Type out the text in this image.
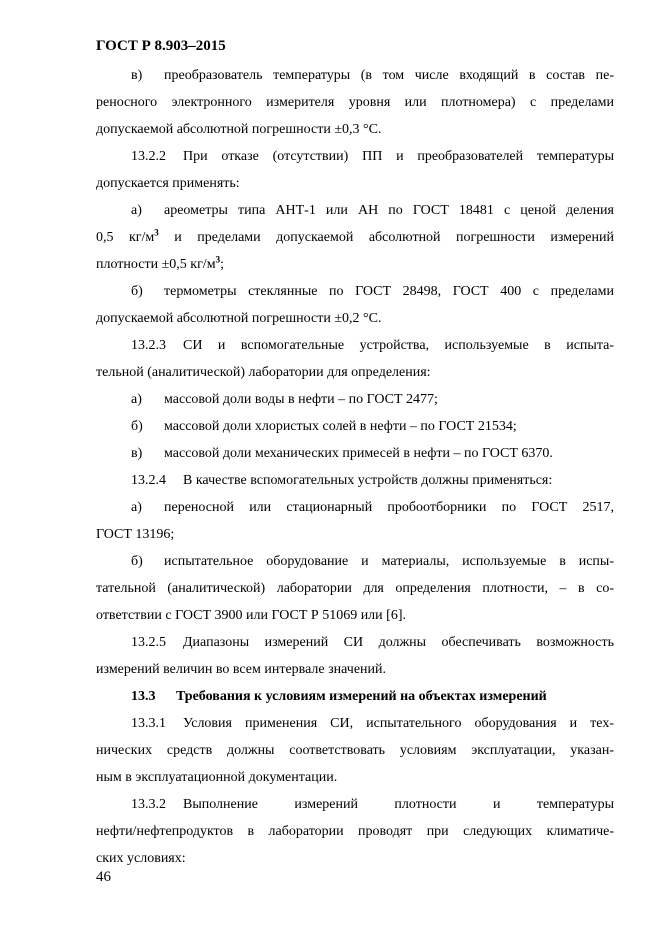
ГОСТ Р 8.903–2015
в) преобразователь температуры (в том числе входящий в состав пе-
реносного электронного измерителя уровня или плотномера) с пределами
допускаемой абсолютной погрешности ±0,3 °С.
13.2.2 При отказе (отсутствии) ПП и преобразователей температуры
допускается применять:
а) ареометры типа АНТ-1 или АН по ГОСТ 18481 с ценой деления
0,5 $кг/м^3$ и пределами допускаемой абсолютной погрешности измерений
плотности ±0,5 $кг/м^3$;
б) термометры стеклянные по ГОСТ 28498, ГОСТ 400 с пределами
допускаемой абсолютной погрешности ±0,2 °С.
13.2.3 СИ и вспомогательные устройства, используемые в испыта-
тельной (аналитической) лаборатории для определения:
а) массовой доли воды в нефти – по ГОСТ 2477;
б) массовой доли хлористых солей в нефти – по ГОСТ 21534;
в) массовой доли механических примесей в нефти – по ГОСТ 6370.
13.2.4 В качестве вспомогательных устройств должны применяться:
а) переносной или стационарный пробоотборники по ГОСТ 2517,
ГОСТ 13196;
б) испытательное оборудование и материалы, используемые в испы-
тательной (аналитической) лаборатории для определения плотности, – в со-
ответствии с ГОСТ 3900 или ГОСТ Р 51069 или [6].
13.2.5 Диапазоны измерений СИ должны обеспечивать возможность
измерений величин во всем интервале значений.
13.3 Требования к условиям измерений на объектах измерений
13.3.1 Условия применения СИ, испытательного оборудования и тех-
нических средств должны соответствовать условиям эксплуатации, указан-
ным в эксплуатационной документации.
13.3.2 Выполнение измерений плотности и температуры
нефти/нефтепродуктов в лаборатории проводят при следующих климатиче-
ских условиях:
46
